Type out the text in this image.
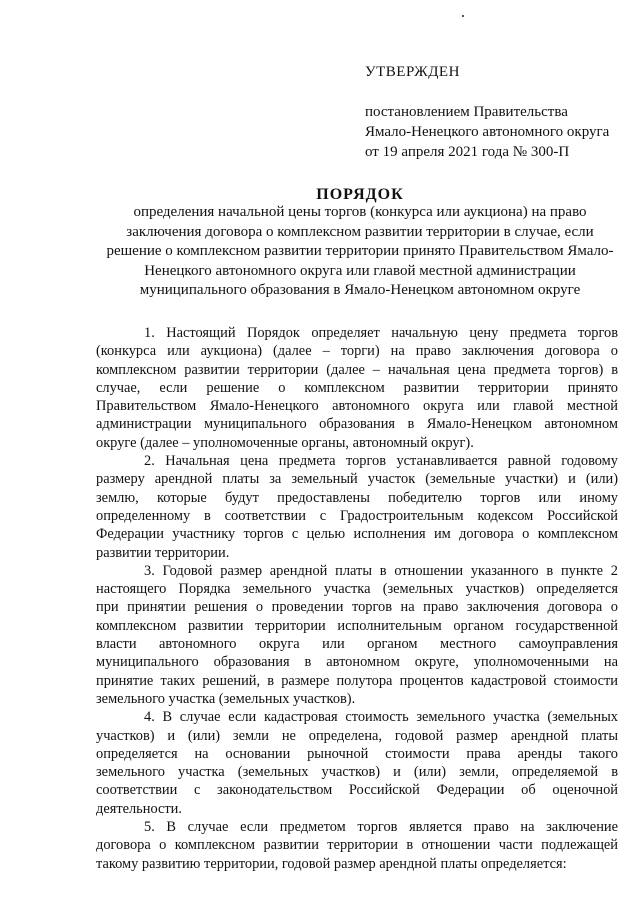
УТВЕРЖДЕН
постановлением Правительства
Ямало-Ненецкого автономного округа
от 19 апреля 2021 года № 300-П
ПОРЯДОК
определения начальной цены торгов (конкурса или аукциона) на право
заключения договора о комплексном развитии территории в случае, если
решение о комплексном развитии территории принято Правительством Ямало-
Ненецкого автономного округа или главой местной администрации
муниципального образования в Ямало-Ненецком автономном округе
1. Настоящий Порядок определяет начальную цену предмета торгов
(конкурса или аукциона) (далее – торги) на право заключения договора о
комплексном развитии территории (далее – начальная цена предмета торгов) в
случае, если решение о комплексном развитии территории принято
Правительством Ямало-Ненецкого автономного округа или главой местной
администрации муниципального образования в Ямало-Ненецком автономном
округе (далее – уполномоченные органы, автономный округ).
2. Начальная цена предмета торгов устанавливается равной годовому
размеру арендной платы за земельный участок (земельные участки) и (или)
землю, которые будут предоставлены победителю торгов или иному
определенному в соответствии с Градостроительным кодексом Российской
Федерации участнику торгов с целью исполнения им договора о комплексном
развитии территории.
3. Годовой размер арендной платы в отношении указанного в пункте 2
настоящего Порядка земельного участка (земельных участков) определяется
при принятии решения о проведении торгов на право заключения договора о
комплексном развитии территории исполнительным органом государственной
власти автономного округа или органом местного самоуправления
муниципального образования в автономном округе, уполномоченными на
принятие таких решений, в размере полутора процентов кадастровой стоимости
земельного участка (земельных участков).
4. В случае если кадастровая стоимость земельного участка (земельных
участков) и (или) земли не определена, годовой размер арендной платы
определяется на основании рыночной стоимости права аренды такого
земельного участка (земельных участков) и (или) земли, определяемой в
соответствии с законодательством Российской Федерации об оценочной
деятельности.
5. В случае если предметом торгов является право на заключение
договора о комплексном развитии территории в отношении части подлежащей
такому развитию территории, годовой размер арендной платы определяется:
